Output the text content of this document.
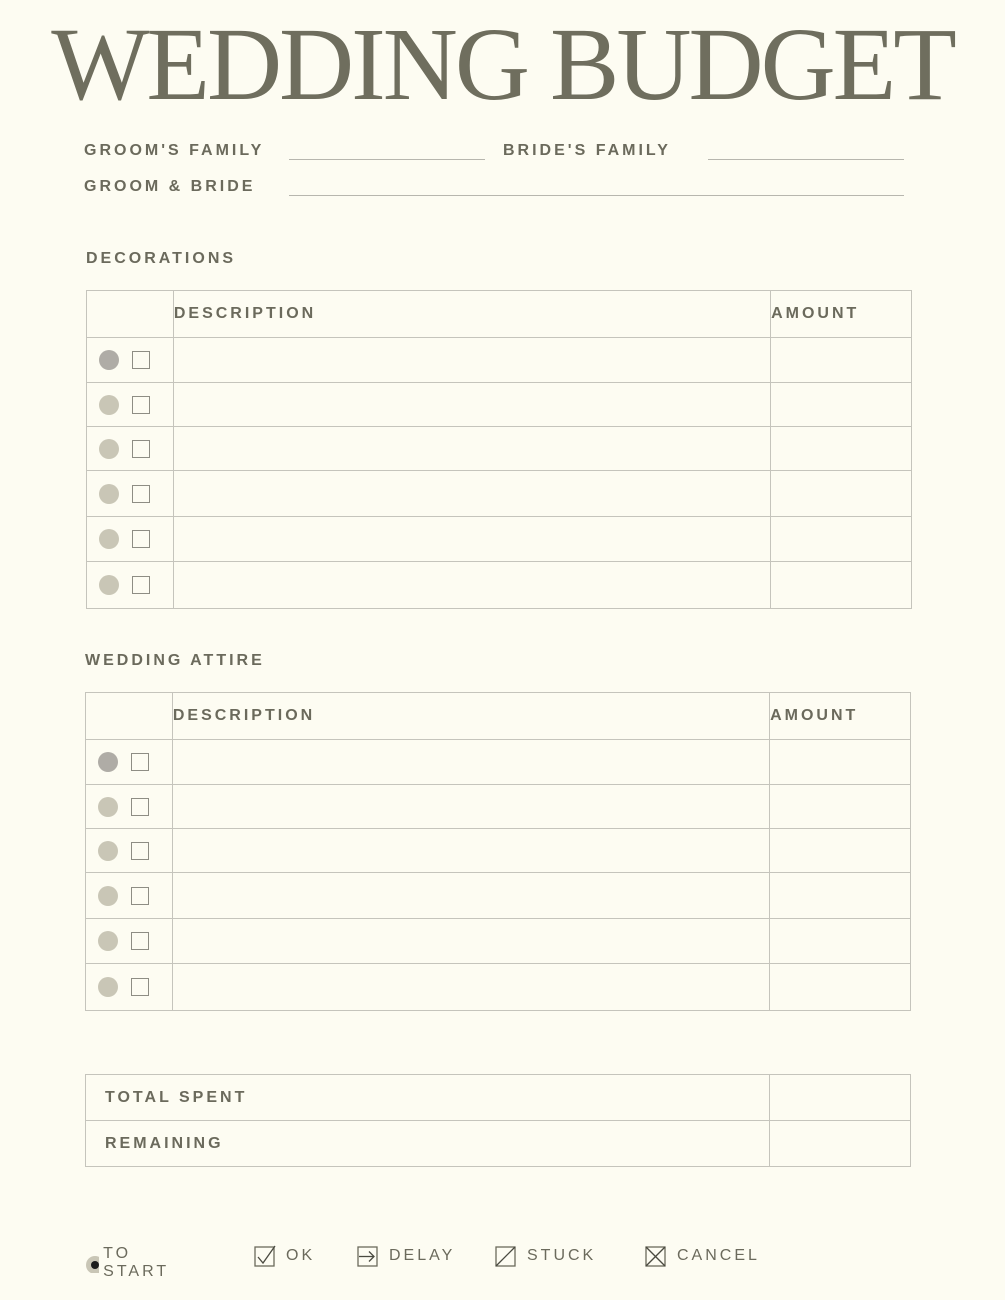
WEDDING BUDGET
GROOM'S FAMILY	BRIDE'S FAMILY
GROOM & BRIDE
DECORATIONS
	DESCRIPTION	AMOUNT

WEDDING ATTIRE
	DESCRIPTION	AMOUNT

TOTAL SPENT	
REMAINING	
TO START
OK	DELAY	STUCK	CANCEL
